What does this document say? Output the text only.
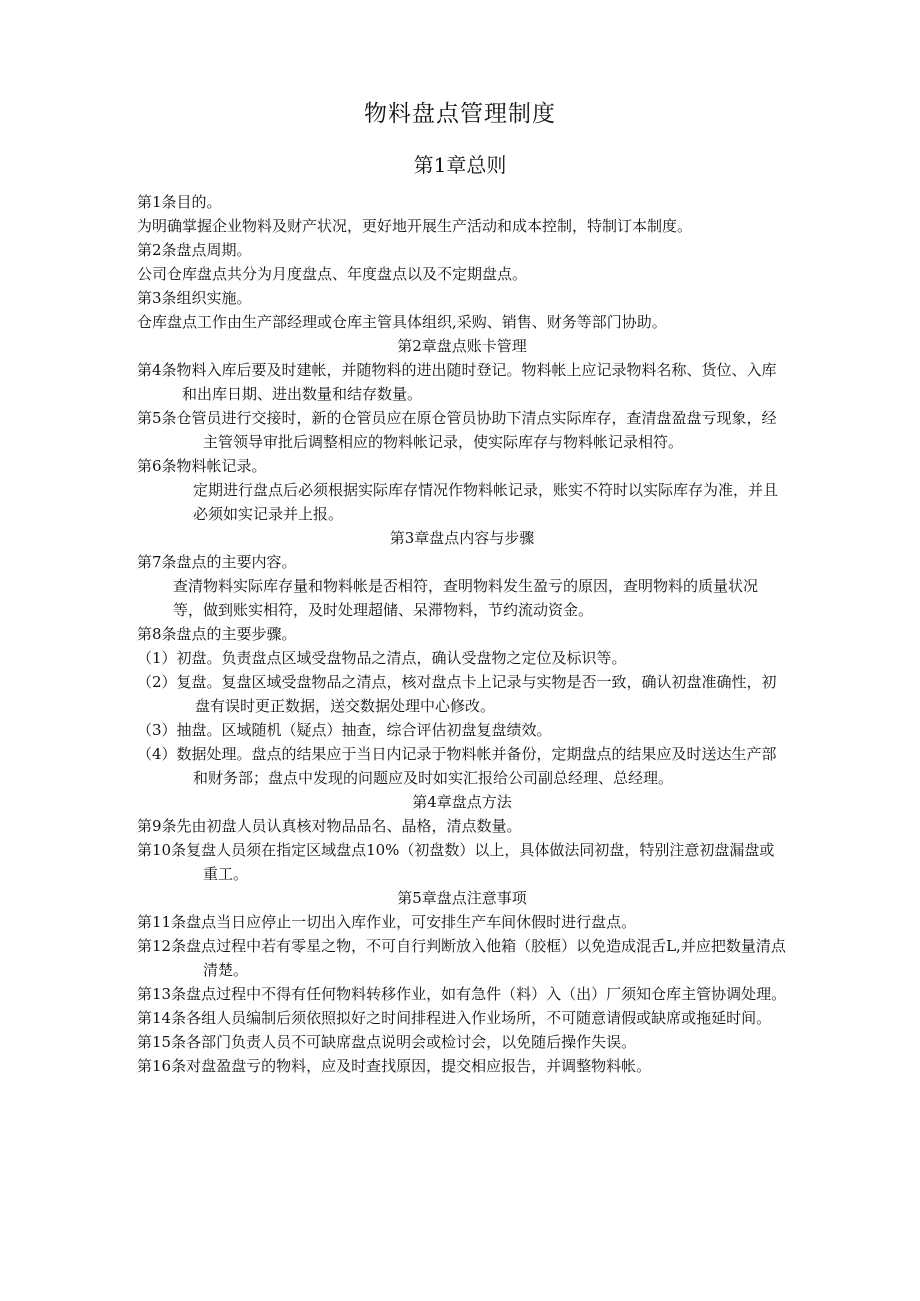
物料盘点管理制度
第1章总则

第1条目的。

为明确掌握企业物料及财产状况，更好地开展生产活动和成本控制，特制订本制度。

第2条盘点周期。

公司仓库盘点共分为月度盘点、年度盘点以及不定期盘点。

第3条组织实施。

仓库盘点工作由生产部经理或仓库主管具体组织,采购、销售、财务等部门协助。

第2章盘点账卡管理

第4条物料入库后要及时建帐，并随物料的进出随时登记。物料帐上应记录物料名称、货位、入库和出库日期、进出数量和结存数量。

第5条仓管员进行交接时，新的仓管员应在原仓管员协助下清点实际库存，查清盘盈盘亏现象，经主管领导审批后调整相应的物料帐记录，使实际库存与物料帐记录相符。

第6条物料帐记录。

定期进行盘点后必须根据实际库存情况作物料帐记录，账实不符时以实际库存为准，并且必须如实记录并上报。

第3章盘点内容与步骤

第7条盘点的主要内容。

查清物料实际库存量和物料帐是否相符，查明物料发生盈亏的原因，查明物料的质量状况等，做到账实相符，及时处理超储、呆滞物料，节约流动资金。

第8条盘点的主要步骤。

（1）初盘。负责盘点区域受盘物品之清点，确认受盘物之定位及标识等。

（2）复盘。复盘区域受盘物品之清点，核对盘点卡上记录与实物是否一致，确认初盘准确性，初盘有误时更正数据，送交数据处理中心修改。

（3）抽盘。区域随机（疑点）抽查，综合评估初盘复盘绩效。

（4）数据处理。盘点的结果应于当日内记录于物料帐并备份，定期盘点的结果应及时送达生产部和财务部；盘点中发现的问题应及时如实汇报给公司副总经理、总经理。

第4章盘点方法

第9条先由初盘人员认真核对物品品名、晶格，清点数量。

第10条复盘人员须在指定区域盘点10%（初盘数）以上，具体做法同初盘，特别注意初盘漏盘或重工。

第5章盘点注意事项

第11条盘点当日应停止一切出入库作业，可安排生产车间休假时进行盘点。

第12条盘点过程中若有零星之物，不可自行判断放入他箱（胶框）以免造成混舌L,并应把数量清点清楚。

第13条盘点过程中不得有任何物料转移作业，如有急件（料）入（出）厂须知仓库主管协调处理。

第14条各组人员编制后须依照拟好之时间排程进入作业场所，不可随意请假或缺席或拖延时间。

第15条各部门负责人员不可缺席盘点说明会或检讨会，以免随后操作失误。

第16条对盘盈盘亏的物料，应及时查找原因，提交相应报告，并调整物料帐。
